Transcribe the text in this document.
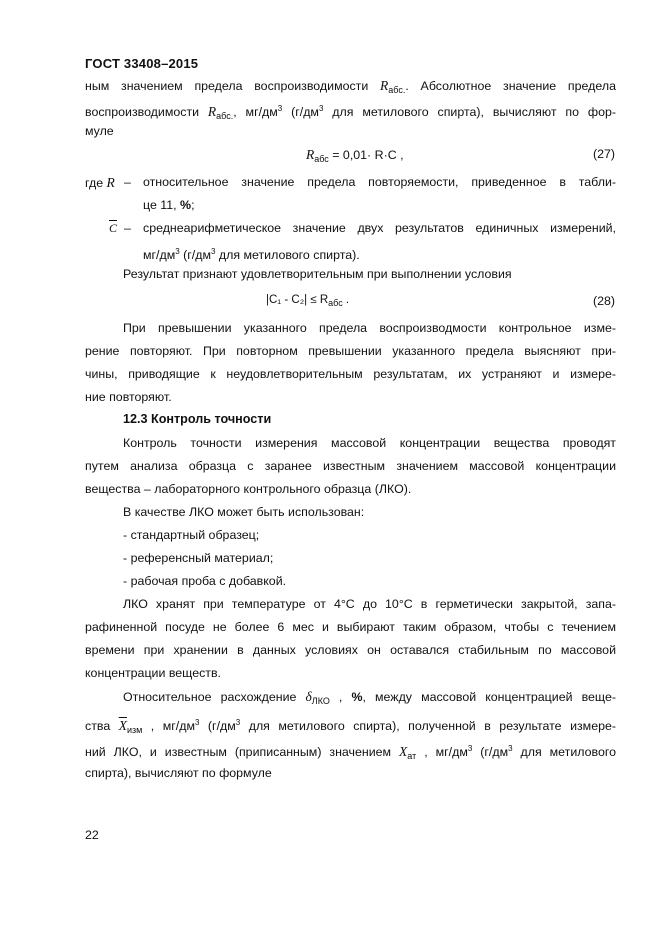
ГОСТ 33408–2015
ным значением предела воспроизводимости $R_{абс.}$. Абсолютное значение предела
воспроизводимости $R_{абс.}$, $мг/дм^3$ ($г/дм^3$ для метилового спирта), вычисляют по фор-
муле
$R_{абс} = 0,01\cdot R\cdot C$ ,	(27)
где R – относительное значение предела повторяемости, приведенное в табли-
це 11, %;
$\overline{C}$ – среднеарифметическое значение двух результатов единичных измерений,
$мг/дм^3$ ($г/дм^3$ для метилового спирта).
Результат признают удовлетворительным при выполнении условия
$|C_1 - C_2| \le R_{абс}$ .	(28)
При превышении указанного предела воспроизводмости контрольное изме-
рение повторяют. При повторном превышении указанного предела выясняют при-
чины, приводящие к неудовлетворительным результатам, их устраняют и измере-
ние повторяют.
12.3 Контроль точности
Контроль точности измерения массовой концентрации вещества проводят
путем анализа образца с заранее известным значением массовой концентрации
вещества – лабораторного контрольного образца (ЛКО).
В качестве ЛКО может быть использован:
- стандартный образец;
- референсный материал;
- рабочая проба с добавкой.
ЛКО хранят при температуре от 4°С до 10°С в герметически закрытой, запа-
рафиненной посуде не более 6 мес и выбирают таким образом, чтобы с течением
времени при хранении в данных условиях он оставался стабильным по массовой
концентрации веществ.
Относительное расхождение $\delta_{ЛКО}$ , %, между массовой концентрацией веще-
ства $\overline{X}_{изм}$ , $мг/дм^3$ ($г/дм^3$ для метилового спирта), полученной в результате измере-
ний ЛКО, и известным (приписанным) значением $X_{ат}$ , $мг/дм^3$ ($г/дм^3$ для метилового
спирта), вычисляют по формуле
22
